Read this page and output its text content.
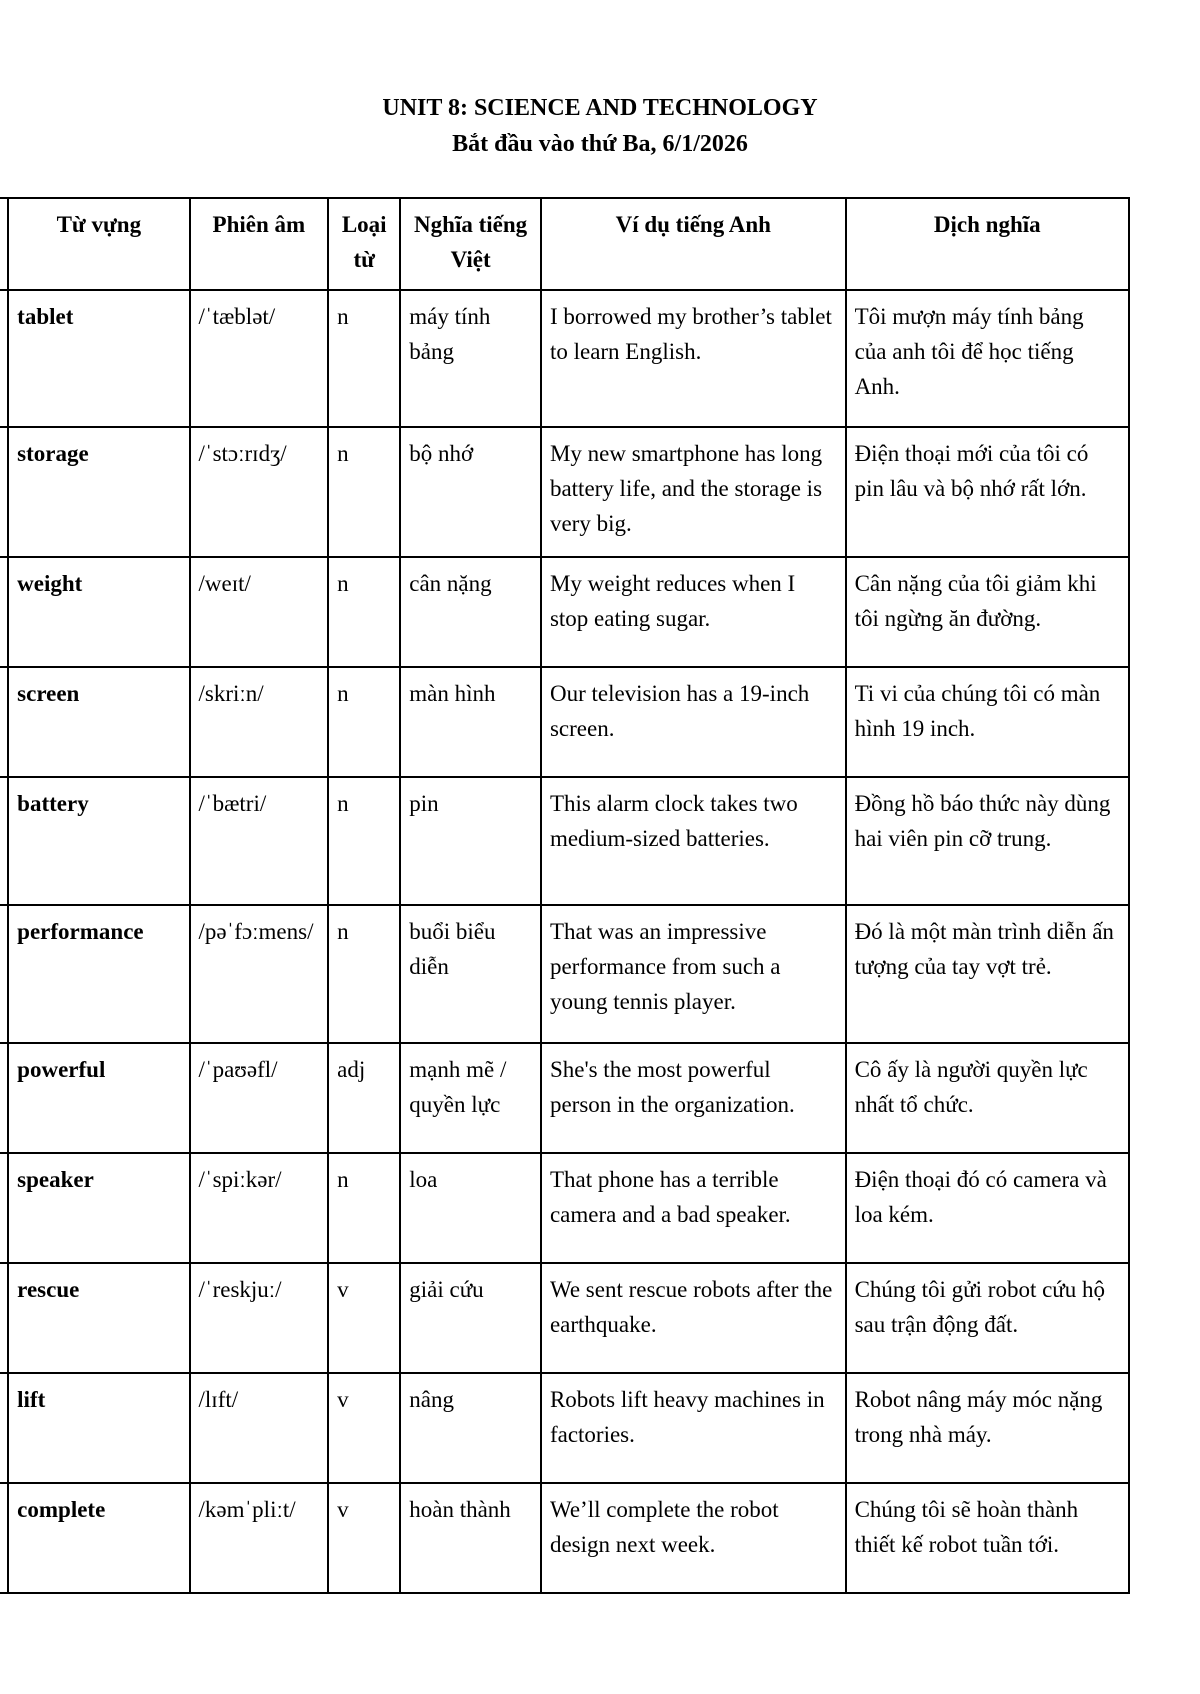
UNIT 8: SCIENCE AND TECHNOLOGY
Bắt đầu vào thứ Ba, 6/1/2026
	Từ vựng	Phiên âm	Loại từ	Nghĩa tiếng Việt	Ví dụ tiếng Anh	Dịch nghĩa
	tablet	/ˈtæblət/	n	máy tính bảng	I borrowed my brother’s tablet to learn English.	Tôi mượn máy tính bảng của anh tôi để học tiếng Anh.
	storage	/ˈstɔːrɪdʒ/	n	bộ nhớ	My new smartphone has long battery life, and the storage is very big.	Điện thoại mới của tôi có pin lâu và bộ nhớ rất lớn.
	weight	/weɪt/	n	cân nặng	My weight reduces when I stop eating sugar.	Cân nặng của tôi giảm khi tôi ngừng ăn đường.
	screen	/skriːn/	n	màn hình	Our television has a 19-inch screen.	Ti vi của chúng tôi có màn hình 19 inch.
	battery	/ˈbætri/	n	pin	This alarm clock takes two medium-sized batteries.	Đồng hồ báo thức này dùng hai viên pin cỡ trung.
	performance	/pəˈfɔːmens/	n	buổi biểu diễn	That was an impressive performance from such a young tennis player.	Đó là một màn trình diễn ấn tượng của tay vợt trẻ.
	powerful	/ˈpaʊəfl/	adj	mạnh mẽ / quyền lực	She's the most powerful person in the organization.	Cô ấy là người quyền lực nhất tổ chức.
	speaker	/ˈspiːkər/	n	loa	That phone has a terrible camera and a bad speaker.	Điện thoại đó có camera và loa kém.
	rescue	/ˈreskjuː/	v	giải cứu	We sent rescue robots after the earthquake.	Chúng tôi gửi robot cứu hộ sau trận động đất.
	lift	/lɪft/	v	nâng	Robots lift heavy machines in factories.	Robot nâng máy móc nặng trong nhà máy.
	complete	/kəmˈpliːt/	v	hoàn thành	We’ll complete the robot design next week.	Chúng tôi sẽ hoàn thành thiết kế robot tuần tới.
